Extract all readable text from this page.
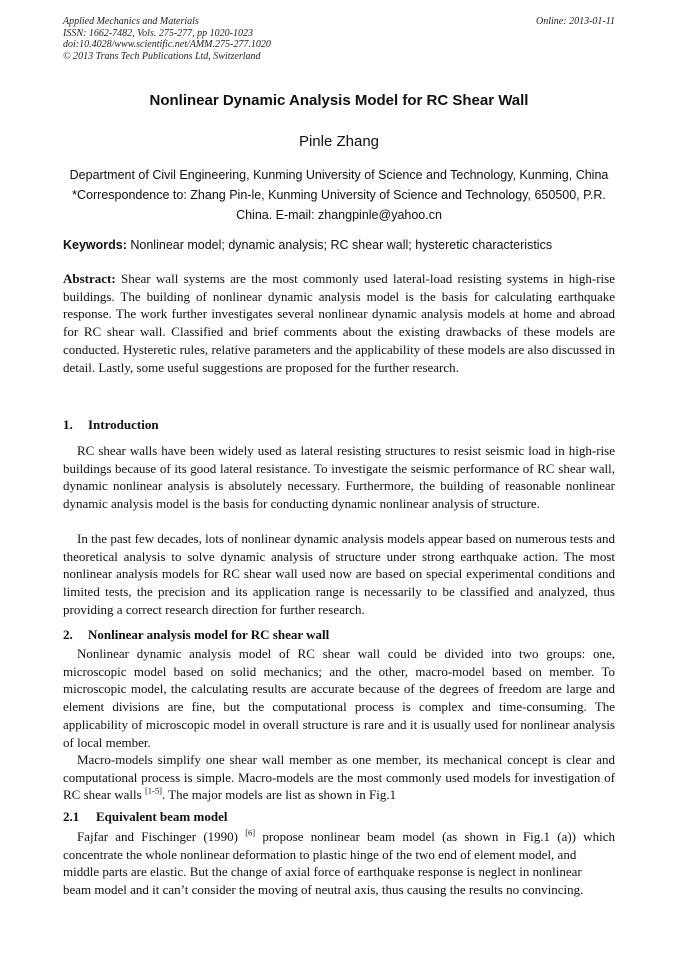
Applied Mechanics and Materials
ISSN: 1662-7482, Vols. 275-277, pp 1020-1023
doi:10.4028/www.scientific.net/AMM.275-277.1020
© 2013 Trans Tech Publications Ltd, Switzerland
Online: 2013-01-11
Nonlinear Dynamic Analysis Model for RC Shear Wall
Pinle Zhang
Department of Civil Engineering, Kunming University of Science and Technology, Kunming, China
*Correspondence to: Zhang Pin-le, Kunming University of Science and Technology, 650500, P.R.
China. E-mail: zhangpinle@yahoo.cn
Keywords: Nonlinear model; dynamic analysis; RC shear wall; hysteretic characteristics

Abstract: Shear wall systems are the most commonly used lateral-load resisting systems in high-rise buildings. The building of nonlinear dynamic analysis model is the basis for calculating earthquake response. The work further investigates several nonlinear dynamic analysis models at home and abroad for RC shear wall. Classified and brief comments about the existing drawbacks of these models are conducted. Hysteretic rules, relative parameters and the applicability of these models are also discussed in detail. Lastly, some useful suggestions are proposed for the further research.

1. Introduction

RC shear walls have been widely used as lateral resisting structures to resist seismic load in high-rise buildings because of its good lateral resistance. To investigate the seismic performance of RC shear wall, dynamic nonlinear analysis is absolutely necessary. Furthermore, the building of reasonable nonlinear dynamic analysis model is the basis for conducting dynamic nonlinear analysis of structure.

In the past few decades, lots of nonlinear dynamic analysis models appear based on numerous tests and theoretical analysis to solve dynamic analysis of structure under strong earthquake action. The most nonlinear analysis models for RC shear wall used now are based on special experimental conditions and limited tests, the precision and its application range is necessarily to be classified and analyzed, thus providing a correct research direction for further research.

2. Nonlinear analysis model for RC shear wall

Nonlinear dynamic analysis model of RC shear wall could be divided into two groups: one, microscopic model based on solid mechanics; and the other, macro-model based on member. To microscopic model, the calculating results are accurate because of the degrees of freedom are large and element divisions are fine, but the computational process is complex and time-consuming. The applicability of microscopic model in overall structure is rare and it is usually used for nonlinear analysis of local member.

Macro-models simplify one shear wall member as one member, its mechanical concept is clear and computational process is simple. Macro-models are the most commonly used models for investigation of RC shear walls [1-5]. The major models are list as shown in Fig.1

2.1 Equivalent beam model

Fajfar and Fischinger (1990) [6] propose nonlinear beam model (as shown in Fig.1 (a)) which
concentrate the whole nonlinear deformation to plastic hinge of the two end of element model, and
middle parts are elastic. But the change of axial force of earthquake response is neglect in nonlinear
beam model and it can’t consider the moving of neutral axis, thus causing the results no convincing.
